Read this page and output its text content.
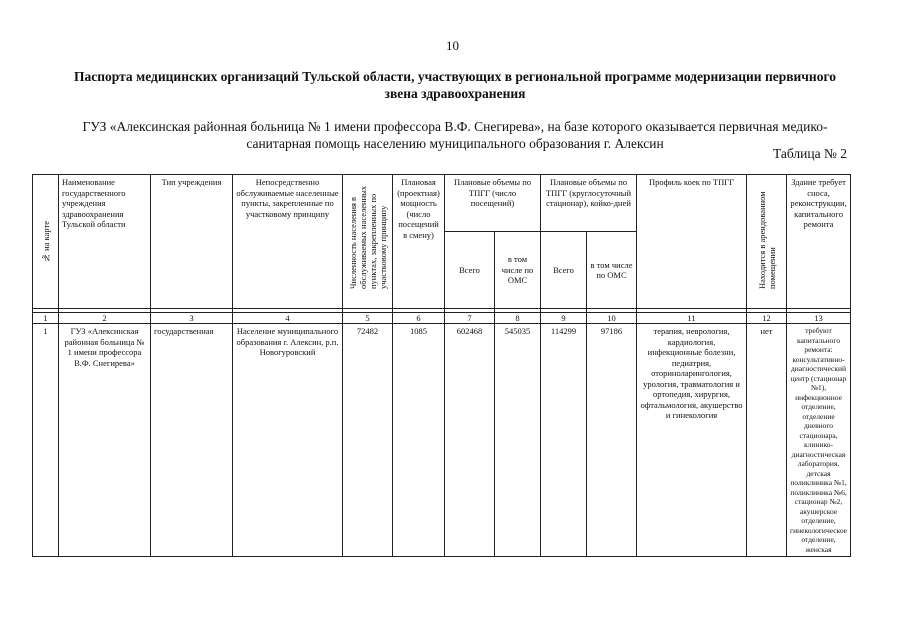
10
Паспорта медицинских организаций Тульской области, участвующих в региональной программе модернизации первичного звена здравоохранения
ГУЗ «Алексинская районная больница № 1 имени профессора В.Ф. Снегирева», на базе которого оказывается первичная медико-санитарная помощь населению муниципального образования г. Алексин
Таблица № 2
№ на карте	Наименование государственного учреждения здравоохранения Тульской области	Тип учреждения	Непосредственно обслуживаемые населенные пункты, закрепленные по участковому принципу	Численность населения в обслуживаемых населенных пунктах, закрепленных по участковому принципу	Плановая (проектная) мощность (число посещений в смену)	Плановые объемы по ТПГГ (число посещений)		Плановые объемы по ТПГГ (круглосуточный стационар), койко-дней		Профиль коек по ТПГГ	Находится в арендованном помещении	Здание требует сноса, реконструкции, капитального ремонта
						Всего	в том числе по ОМС	Всего	в том числе по ОМС			

1	2	3	4	5	6	7	8	9	10	11	12	13
1	ГУЗ «Алексинская районная больница № 1 имени профессора В.Ф. Снегирева»	государственная	Население муниципального образования г. Алексин, р.п. Новогуровский	72482	1085	602468	545035	114299	97186	терапия, неврология, кардиология, инфекционные болезни, педиатрия, оториноларингология, урология, травматология и ортопедия, хирургия, офтальмология, акушерство и гинекология	нет	требуют капитального ремонта: консультативно-диагностический центр (стационар №1), инфекционное отделение, отделение дневного стационара, клинико-диагностическая лаборатория, детская поликлиника №1, поликлиника №6, стационар №2, акушерское отделение, гинекологическое отделение, женская
